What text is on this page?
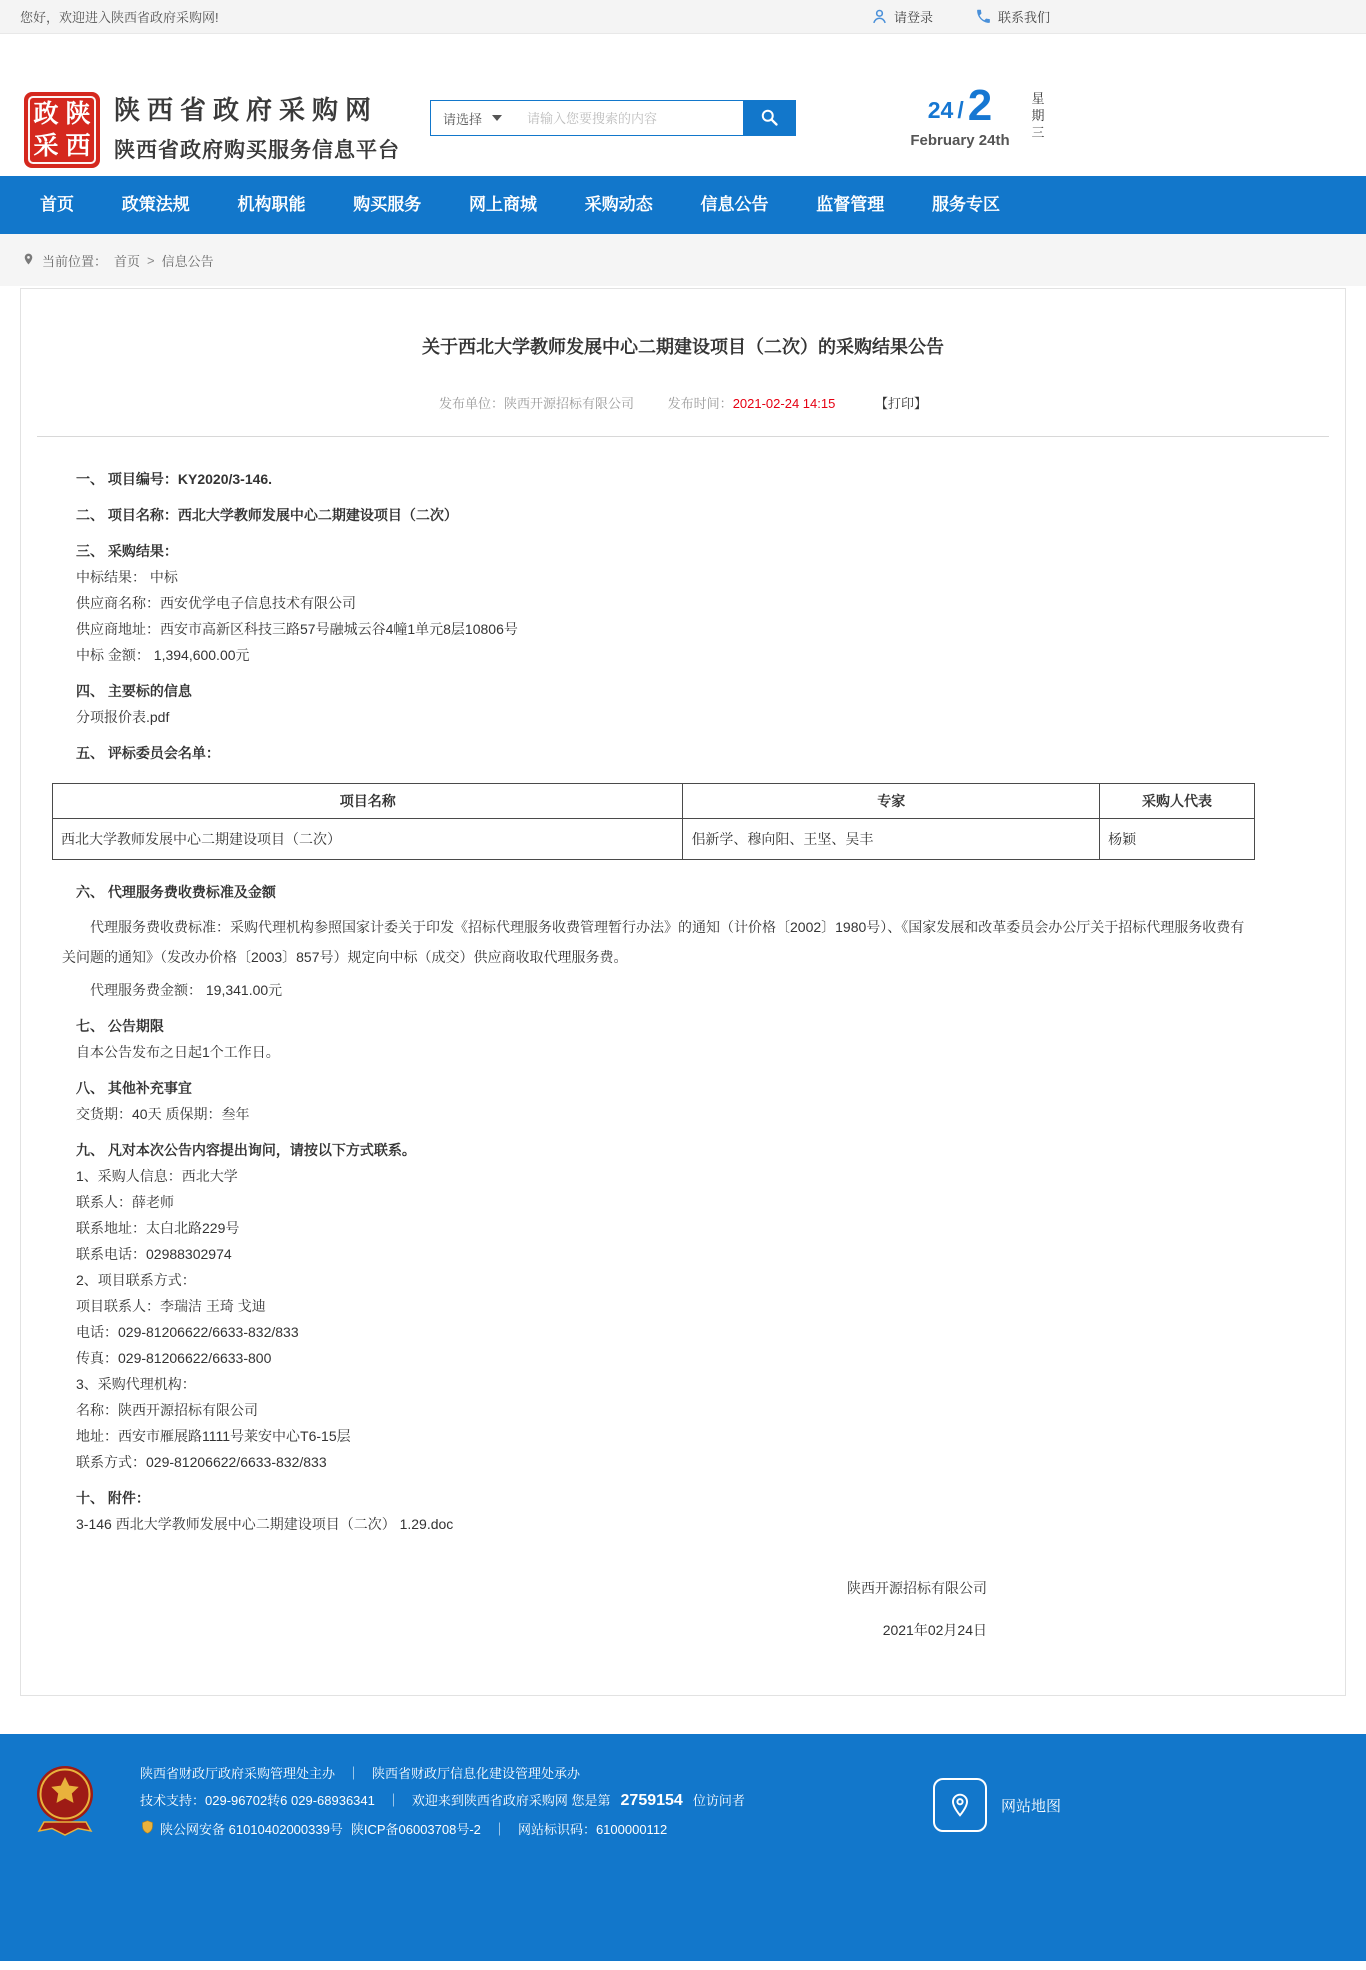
您好，欢迎进入陕西省政府采购网!	请登录	联系我们
政 陕
采 西
陕西省政府采购网
陕西省政府购买服务信息平台
请选择
请输入您要搜索的内容	24 / 2
February 24th
星期三
首页	政策法规	机构职能	购买服务	网上商城	采购动态	信息公告	监督管理	服务专区
当前位置： 首页 > 信息公告
关于西北大学教师发展中心二期建设项目（二次）的采购结果公告
发布单位：陕西开源招标有限公司	发布时间：2021-02-24 14:15	【打印】

一、 项目编号：KY2020/3-146.

二、 项目名称：西北大学教师发展中心二期建设项目（二次）

三、 采购结果：

中标结果： 中标

供应商名称：西安优学电子信息技术有限公司

供应商地址：西安市高新区科技三路57号融城云谷4幢1单元8层10806号

中标 金额： 1,394,600.00元

四、 主要标的信息

分项报价表.pdf

五、 评标委员会名单：

项目名称	专家	采购人代表
西北大学教师发展中心二期建设项目（二次）	佀新学、穆向阳、王坚、吴丰	杨颖

六、 代理服务费收费标准及金额

代理服务费收费标准：采购代理机构参照国家计委关于印发《招标代理服务收费管理暂行办法》的通知（计价格〔2002〕1980号）、《国家发展和改革委员会办公厅关于招标代理服务收费有关问题的通知》（发改办价格〔2003〕857号）规定向中标（成交）供应商收取代理服务费。

代理服务费金额： 19,341.00元

七、 公告期限

自本公告发布之日起1个工作日。

八、 其他补充事宜

交货期：40天 质保期：叁年

九、 凡对本次公告内容提出询问，请按以下方式联系。

1、采购人信息：西北大学

联系人：薛老师

联系地址：太白北路229号

联系电话：02988302974

2、项目联系方式：

项目联系人：李瑞洁 王琦 戈迪

电话：029-81206622/6633-832/833

传真：029-81206622/6633-800

3、采购代理机构：

名称：陕西开源招标有限公司

地址：西安市雁展路1111号莱安中心T6-15层

联系方式：029-81206622/6633-832/833

十、 附件：

3-146 西北大学教师发展中心二期建设项目（二次） 1.29.doc

陕西开源招标有限公司

2021年02月24日

陕西省财政厅政府采购管理处主办 ｜ 陕西省财政厅信息化建设管理处承办
技术支持：029-96702转6 029-68936341 ｜ 欢迎来到陕西省政府采购网 您是第 2759154 位访问者
陕公网安备 61010402000339号 陕ICP备06003708号-2 ｜ 网站标识码：6100000112
网站地图
